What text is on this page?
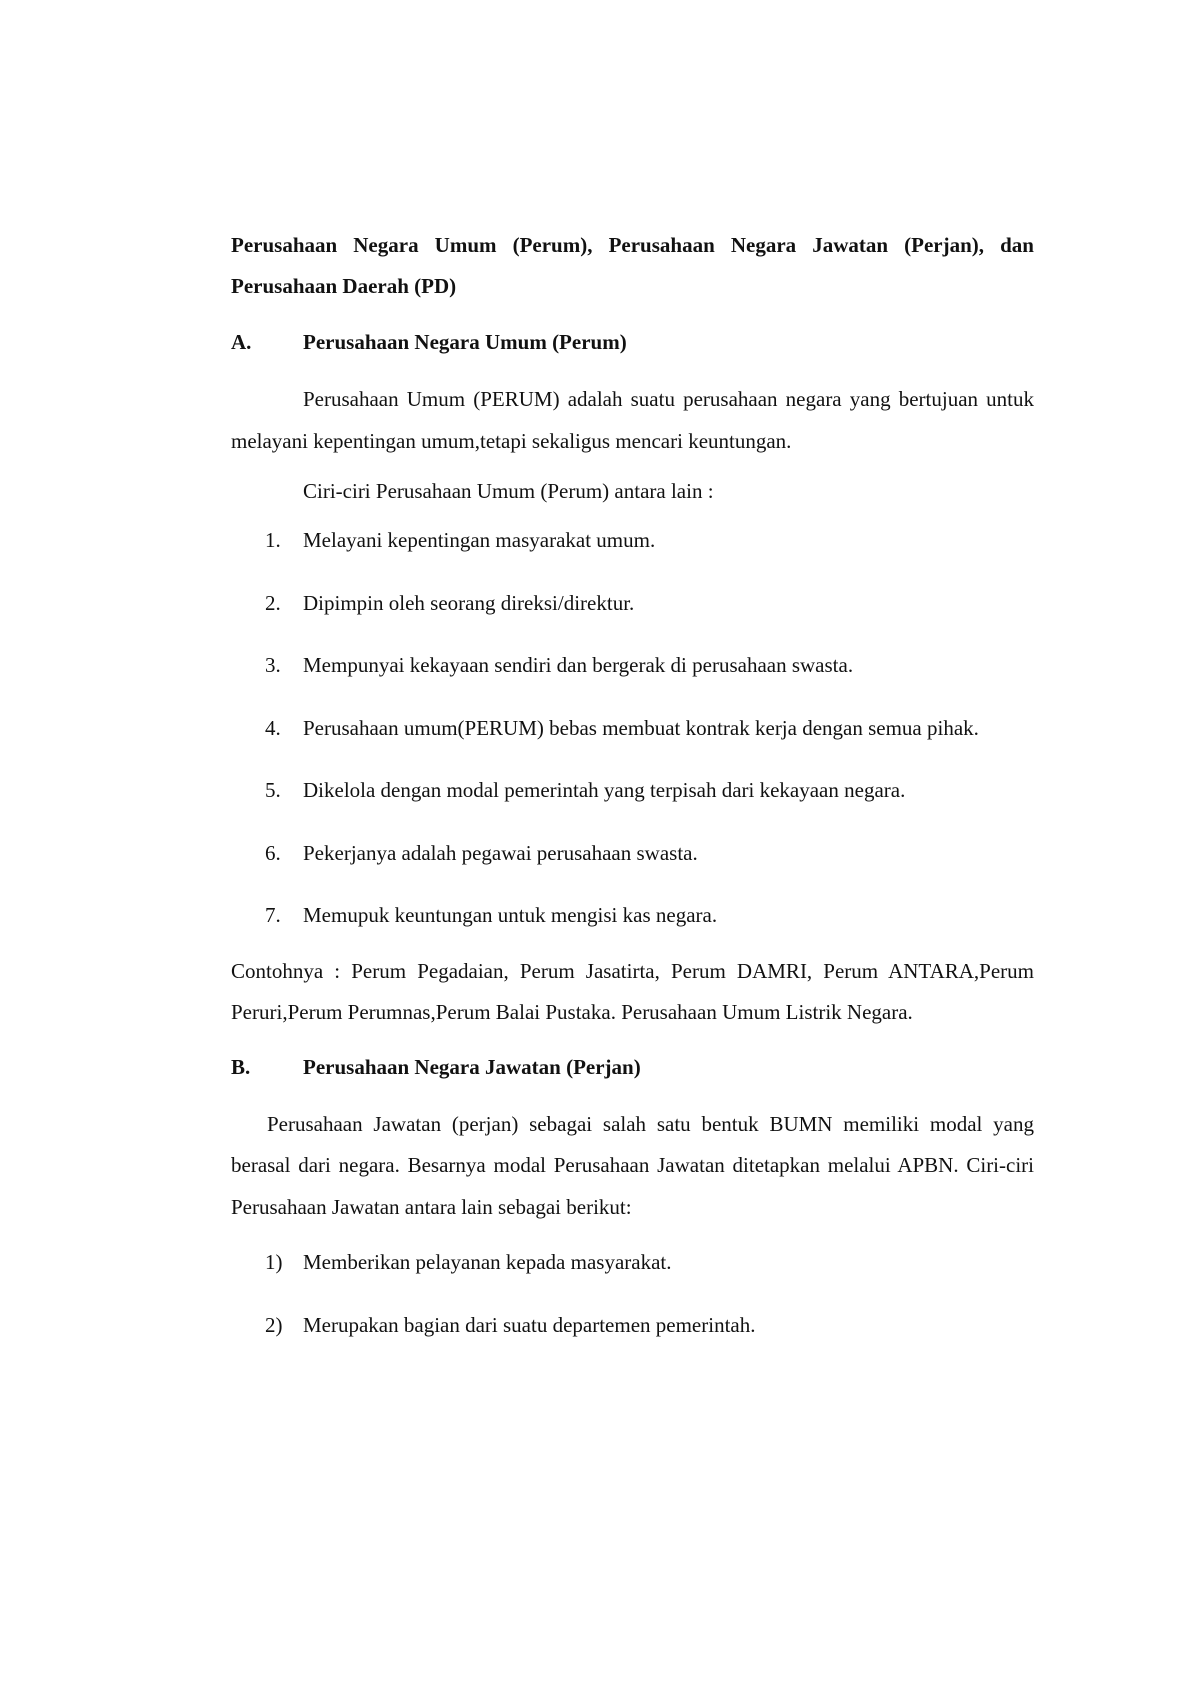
Perusahaan Negara Umum (Perum), Perusahaan Negara Jawatan (Perjan), dan Perusahaan Daerah (PD)

A.	Perusahaan Negara Umum (Perum)

Perusahaan Umum (PERUM) adalah suatu perusahaan negara yang bertujuan untuk melayani kepentingan umum,tetapi sekaligus mencari keuntungan.

Ciri-ciri Perusahaan Umum (Perum) antara lain :

1.	Melayani kepentingan masyarakat umum.
2.	Dipimpin oleh seorang direksi/direktur.
3.	Mempunyai kekayaan sendiri dan bergerak di perusahaan swasta.
4.	Perusahaan umum(PERUM) bebas membuat kontrak kerja dengan semua pihak.
5.	Dikelola dengan modal pemerintah yang terpisah dari kekayaan negara.
6.	Pekerjanya adalah pegawai perusahaan swasta.
7.	Memupuk keuntungan untuk mengisi kas negara.

Contohnya : Perum Pegadaian, Perum Jasatirta, Perum DAMRI, Perum ANTARA,Perum Peruri,Perum Perumnas,Perum Balai Pustaka. Perusahaan Umum Listrik Negara.

B.	Perusahaan Negara Jawatan (Perjan)

Perusahaan Jawatan (perjan) sebagai salah satu bentuk BUMN memiliki modal yang berasal dari negara. Besarnya modal Perusahaan Jawatan ditetapkan melalui APBN. Ciri-ciri Perusahaan Jawatan antara lain sebagai berikut:

1) Memberikan pelayanan kepada masyarakat.
2) Merupakan bagian dari suatu departemen pemerintah.
